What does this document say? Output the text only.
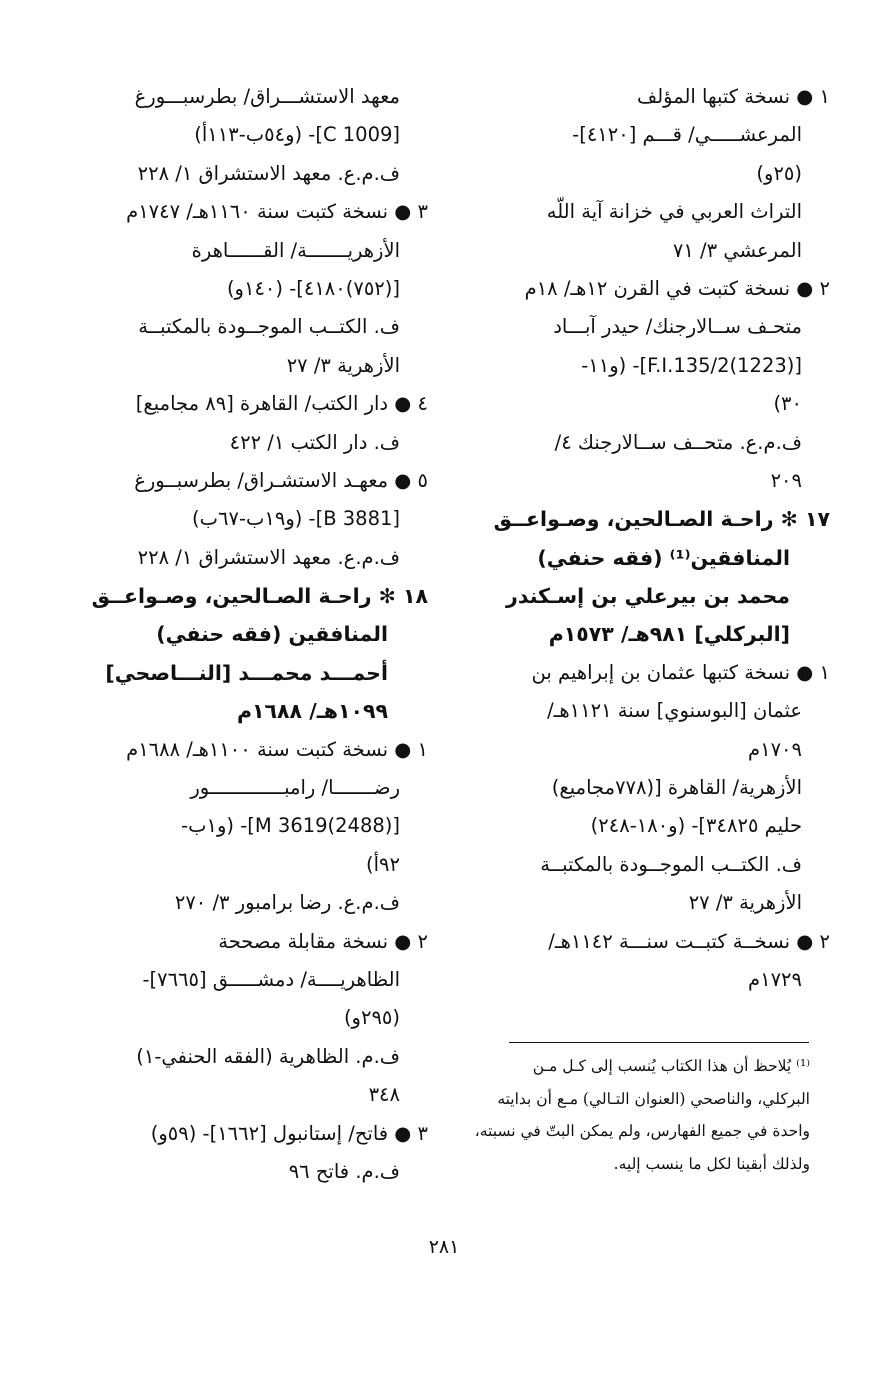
١ ● نسخة كتبها المؤلف
المرعشـــــي/ قـــم [٤١٢٠]-
(٢٥و)
التراث العربي في خزانة آية اللّه
المرعشي ٣/ ٧١
٢ ● نسخة كتبت في القرن ١٢هـ/ ١٨م
متحـف ســالارجنك/ حيدر آبـــاد
[(1223)F.I.135/2]- (و١١-
٣٠)
ف.م.ع. متحــف ســالارجنك ٤/
٢٠٩
١٧ ✻ راحـة الصـالحين، وصـواعــق
المنافقين⁽¹⁾ (فقه حنفي)
محمد بن بيرعلي بن إسـكندر
[البركلي] ٩٨١هـ/ ١٥٧٣م
١ ● نسخة كتبها عثمان بن إبراهيم بن
عثمان [البوسنوي] سنة ١١٢١هـ/
١٧٠٩م
الأزهرية/ القاهرة [(٧٧٨مجاميع)
حليم ٣٤٨٢٥]- (و١٨٠-٢٤٨)
ف. الكتــب الموجــودة بالمكتبــة
الأزهرية ٣/ ٢٧
٢ ● نسخــة كتبــت سنـــة ١١٤٢هـ/
١٧٢٩م
معهد الاستشـــراق/ بطرسبـــورغ
[C 1009]- (و٥٤ب-١١٣أ)
ف.م.ع. معهد الاستشراق ١/ ٢٢٨
٣ ● نسخة كتبت سنة ١١٦٠هـ/ ١٧٤٧م
الأزهريـــــــة/ القــــــاهرة
[(٧٥٢)٤١٨٠]- (١٤٠و)
ف. الكتــب الموجــودة بالمكتبــة
الأزهرية ٣/ ٢٧
٤ ● دار الكتب/ القاهرة [٨٩ مجاميع]
ف. دار الكتب ١/ ٤٢٢
٥ ● معهـد الاستشـراق/ بطرسبــورغ
[B 3881]- (و١٩ب-٦٧ب)
ف.م.ع. معهد الاستشراق ١/ ٢٢٨
١٨ ✻ راحـة الصـالحين، وصـواعــق
المنافقين (فقه حنفي)
أحمـــد محمـــد [النـــاصحي]
١٠٩٩هـ/ ١٦٨٨م
١ ● نسخة كتبت سنة ١١٠٠هـ/ ١٦٨٨م
رضـــــــا/ رامبـــــــــــــور
[M 3619(2488)]- (و١ب-
٩٢أ)
ف.م.ع. رضا برامبور ٣/ ٢٧٠
٢ ● نسخة مقابلة مصححة
الظاهريــــة/ دمشـــــق [٧٦٦٥]-
(٢٩٥و)
ف.م. الظاهرية (الفقه الحنفي-١)
٣٤٨
٣ ● فاتح/ إستانبول [١٦٦٢]- (٥٩و)
ف.م. فاتح ٩٦
⁽¹⁾ يُلاحظ أن هذا الكتاب يُنسب إلى كـل مـن
البركلي، والناصحي (العنوان التـالي) مـع أن بدايته
واحدة في جميع الفهارس، ولم يمكن البتّ في نسبته،
ولذلك أبقينا لكل ما ينسب إليه.
٢٨١
